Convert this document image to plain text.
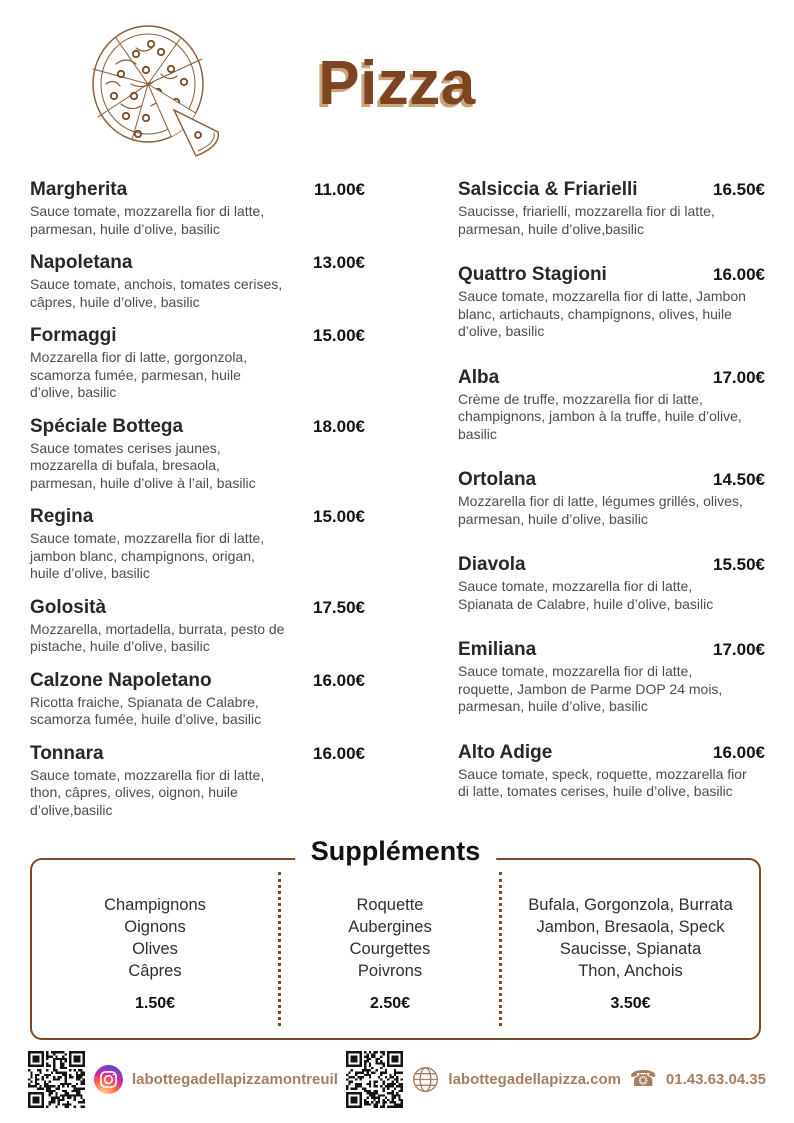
Pizza
Margherita	11.00€

Sauce tomate, mozzarella fior di latte, parmesan, huile d’olive, basilic

Napoletana	13.00€

Sauce tomate, anchois, tomates cerises, câpres, huile d’olive, basilic

Formaggi	15.00€

Mozzarella fior di latte, gorgonzola, scamorza fumée, parmesan, huile d’olive, basilic

Spéciale Bottega	18.00€

Sauce tomates cerises jaunes, mozzarella di bufala, bresaola, parmesan, huile d’olive à l’ail, basilic

Regina	15.00€

Sauce tomate, mozzarella fior di latte, jambon blanc, champignons, origan, huile d’olive, basilic

Golosità	17.50€

Mozzarella, mortadella, burrata, pesto de pistache, huile d’olive, basilic

Calzone Napoletano	16.00€

Ricotta fraiche, Spianata de Calabre, scamorza fumée, huile d’olive, basilic

Tonnara	16.00€

Sauce tomate, mozzarella fior di latte, thon, câpres, olives, oignon, huile d’olive,basilic

Salsiccia & Friarielli	16.50€

Saucisse, friarielli, mozzarella fior di latte, parmesan, huile d’olive,basilic

Quattro Stagioni	16.00€

Sauce tomate, mozzarella fior di latte, Jambon blanc, artichauts, champignons, olives, huile d’olive, basilic

Alba	17.00€

Crème de truffe, mozzarella fior di latte, champignons, jambon à la truffe, huile d’olive, basilic

Ortolana	14.50€

Mozzarella fior di latte, légumes grillés, olives, parmesan, huile d’olive, basilic

Diavola	15.50€

Sauce tomate, mozzarella fior di latte, Spianata de Calabre, huile d’olive, basilic

Emiliana	17.00€

Sauce tomate, mozzarella fior di latte, roquette, Jambon de Parme DOP 24 mois, parmesan, huile d’olive, basilic

Alto Adige	16.00€

Sauce tomate, speck, roquette, mozzarella fior di latte, tomates cerises, huile d’olive, basilic

Suppléments
Champignons
Oignons
Olives
Câpres
1.50€
Roquette
Aubergines
Courgettes
Poivrons
2.50€
Bufala, Gorgonzola, Burrata
Jambon, Bresaola, Speck
Saucisse, Spianata
Thon, Anchois
3.50€
labottegadellapizzamontreuil	labottegadellapizza.com ☎ 01.43.63.04.35
